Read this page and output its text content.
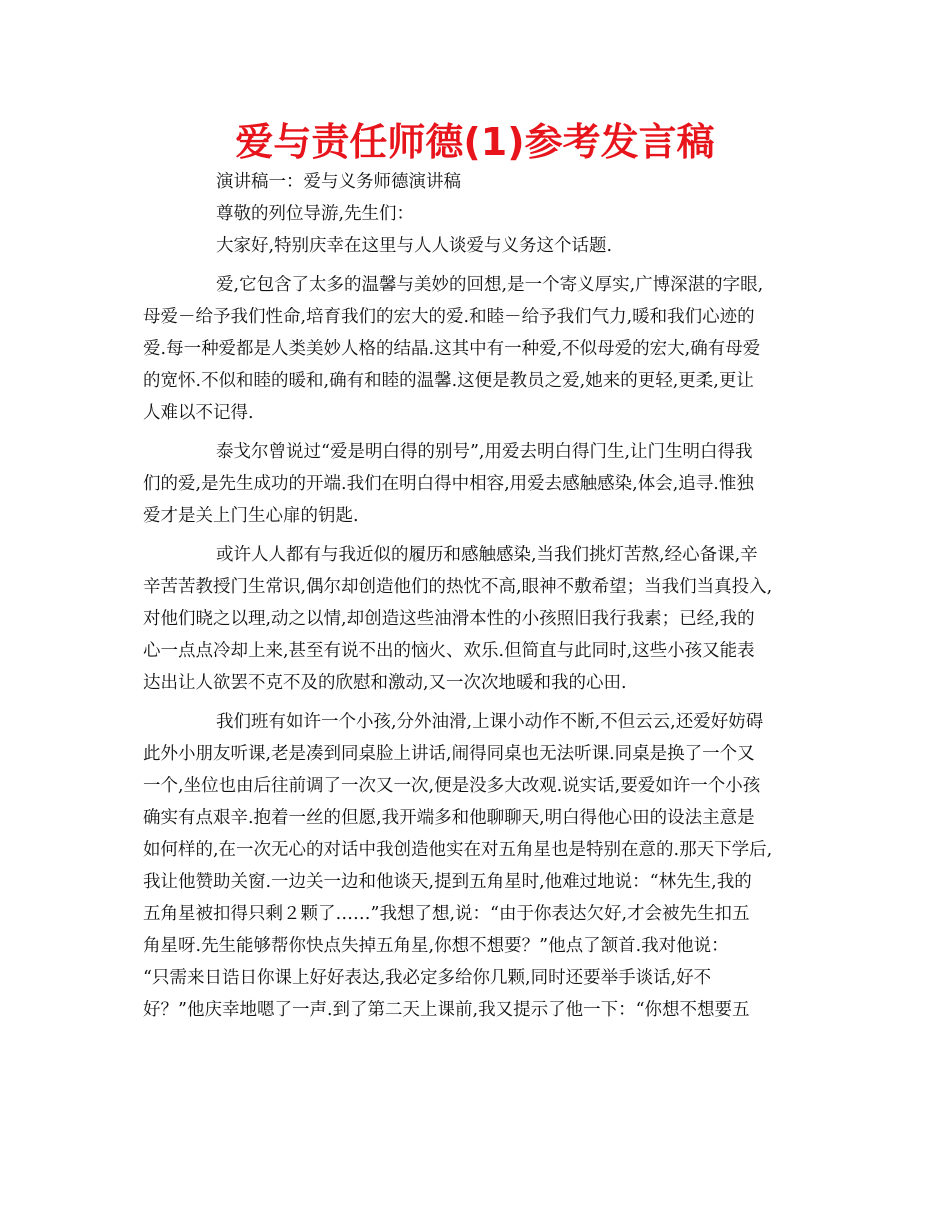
爱与责任师德(1)参考发言稿
演讲稿一：爱与义务师德演讲稿
尊敬的列位导游,先生们：
大家好,特别庆幸在这里与人人谈爱与义务这个话题.
爱,它包含了太多的温馨与美妙的回想,是一个寄义厚实,广博深湛的字眼,
母爱－给予我们性命,培育我们的宏大的爱.和睦－给予我们气力,暖和我们心迹的
爱.每一种爱都是人类美妙人格的结晶.这其中有一种爱,不似母爱的宏大,确有母爱
的宽怀.不似和睦的暖和,确有和睦的温馨.这便是教员之爱,她来的更轻,更柔,更让
人难以不记得.
泰戈尔曾说过“爱是明白得的别号”,用爱去明白得门生,让门生明白得我
们的爱,是先生成功的开端.我们在明白得中相容,用爱去感触感染,体会,追寻.惟独
爱才是关上门生心扉的钥匙.
或许人人都有与我近似的履历和感触感染,当我们挑灯苦熬,经心备课,辛
辛苦苦教授门生常识,偶尔却创造他们的热忱不高,眼神不敷希望；当我们当真投入,
对他们晓之以理,动之以情,却创造这些油滑本性的小孩照旧我行我素；已经,我的
心一点点冷却上来,甚至有说不出的恼火、欢乐.但简直与此同时,这些小孩又能表
达出让人欲罢不克不及的欣慰和激动,又一次次地暖和我的心田.
我们班有如许一个小孩,分外油滑,上课小动作不断,不但云云,还爱好妨碍
此外小朋友听课,老是凑到同桌脸上讲话,闹得同桌也无法听课.同桌是换了一个又
一个,坐位也由后往前调了一次又一次,便是没多大改观.说实话,要爱如许一个小孩
确实有点艰辛.抱着一丝的但愿,我开端多和他聊聊天,明白得他心田的设法主意是
如何样的,在一次无心的对话中我创造他实在对五角星也是特别在意的.那天下学后,
我让他赞助关窗.一边关一边和他谈天,提到五角星时,他难过地说：“林先生,我的
五角星被扣得只剩２颗了……”我想了想,说：“由于你表达欠好,才会被先生扣五
角星呀.先生能够帮你快点失掉五角星,你想不想要？”他点了颔首.我对他说：
“只需来日诰日你课上好好表达,我必定多给你几颗,同时还要举手谈话,好不
好？”他庆幸地嗯了一声.到了第二天上课前,我又提示了他一下：“你想不想要五
